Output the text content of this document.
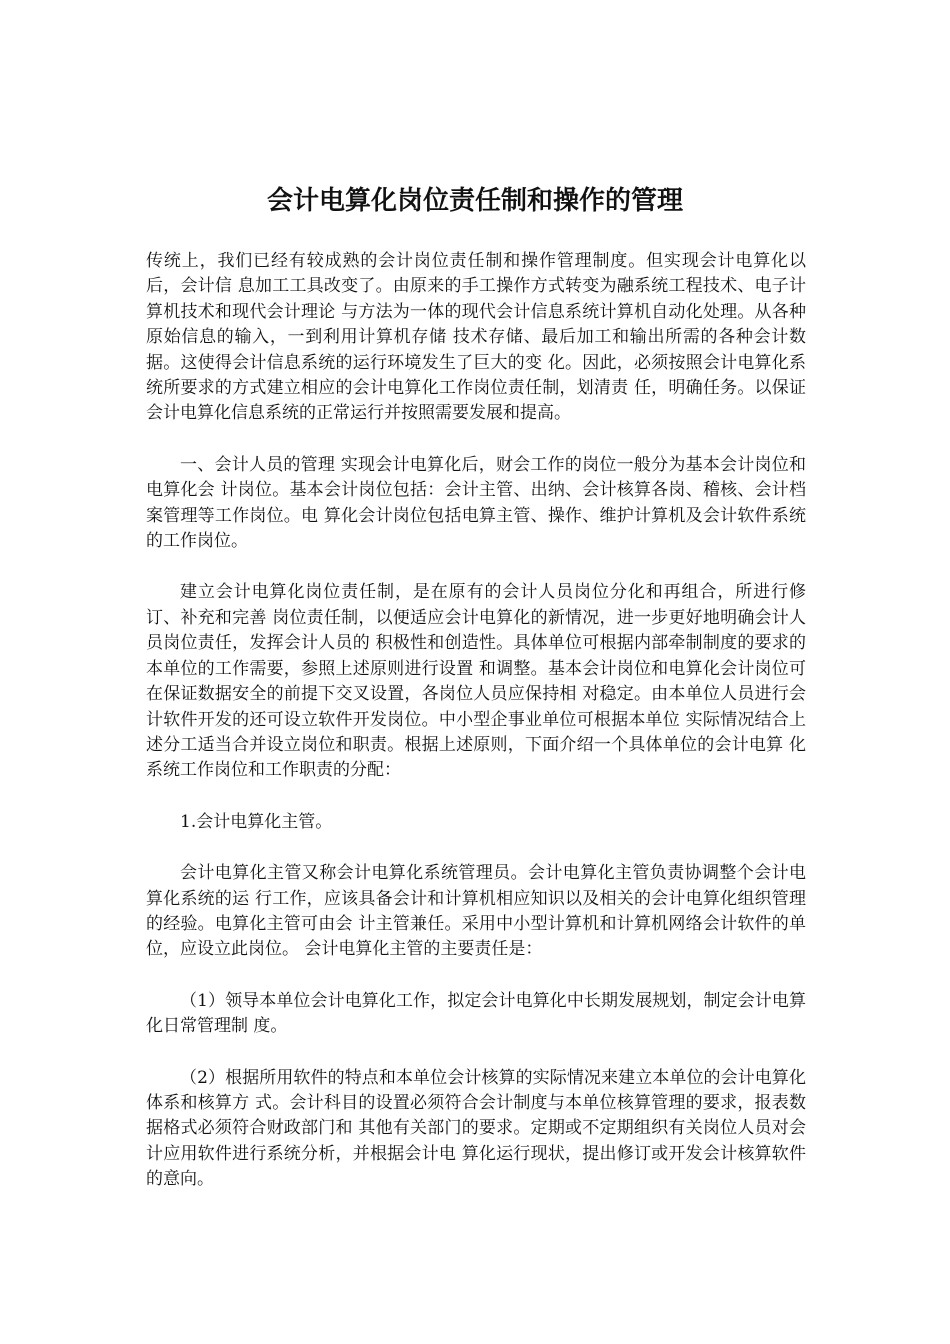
会计电算化岗位责任制和操作的管理

传统上，我们已经有较成熟的会计岗位责任制和操作管理制度。但实现会计电算化以后，会计信 息加工工具改变了。由原来的手工操作方式转变为融系统工程技术、电子计算机技术和现代会计理论 与方法为一体的现代会计信息系统计算机自动化处理。从各种原始信息的输入，一到利用计算机存储 技术存储、最后加工和输出所需的各种会计数据。这使得会计信息系统的运行环境发生了巨大的变 化。因此，必须按照会计电算化系统所要求的方式建立相应的会计电算化工作岗位责任制，划清责 任，明确任务。以保证会计电算化信息系统的正常运行并按照需要发展和提高。

一、会计人员的管理 实现会计电算化后，财会工作的岗位一般分为基本会计岗位和电算化会 计岗位。基本会计岗位包括：会计主管、出纳、会计核算各岗、稽核、会计档案管理等工作岗位。电 算化会计岗位包括电算主管、操作、维护计算机及会计软件系统的工作岗位。

建立会计电算化岗位责任制，是在原有的会计人员岗位分化和再组合，所进行修订、补充和完善 岗位责任制，以便适应会计电算化的新情况，进一步更好地明确会计人员岗位责任，发挥会计人员的 积极性和创造性。具体单位可根据内部牵制制度的要求的本单位的工作需要，参照上述原则进行设置 和调整。基本会计岗位和电算化会计岗位可在保证数据安全的前提下交叉设置，各岗位人员应保持相 对稳定。由本单位人员进行会计软件开发的还可设立软件开发岗位。中小型企事业单位可根据本单位 实际情况结合上述分工适当合并设立岗位和职责。根据上述原则，下面介绍一个具体单位的会计电算 化系统工作岗位和工作职责的分配：

1.会计电算化主管。

会计电算化主管又称会计电算化系统管理员。会计电算化主管负责协调整个会计电算化系统的运 行工作，应该具备会计和计算机相应知识以及相关的会计电算化组织管理的经验。电算化主管可由会 计主管兼任。采用中小型计算机和计算机网络会计软件的单位，应设立此岗位。 会计电算化主管的主要责任是：

（1）领导本单位会计电算化工作，拟定会计电算化中长期发展规划，制定会计电算化日常管理制 度。

（2）根据所用软件的特点和本单位会计核算的实际情况来建立本单位的会计电算化体系和核算方 式。会计科目的设置必须符合会计制度与本单位核算管理的要求，报表数据格式必须符合财政部门和 其他有关部门的要求。定期或不定期组织有关岗位人员对会计应用软件进行系统分析，并根据会计电 算化运行现状，提出修订或开发会计核算软件的意向。
